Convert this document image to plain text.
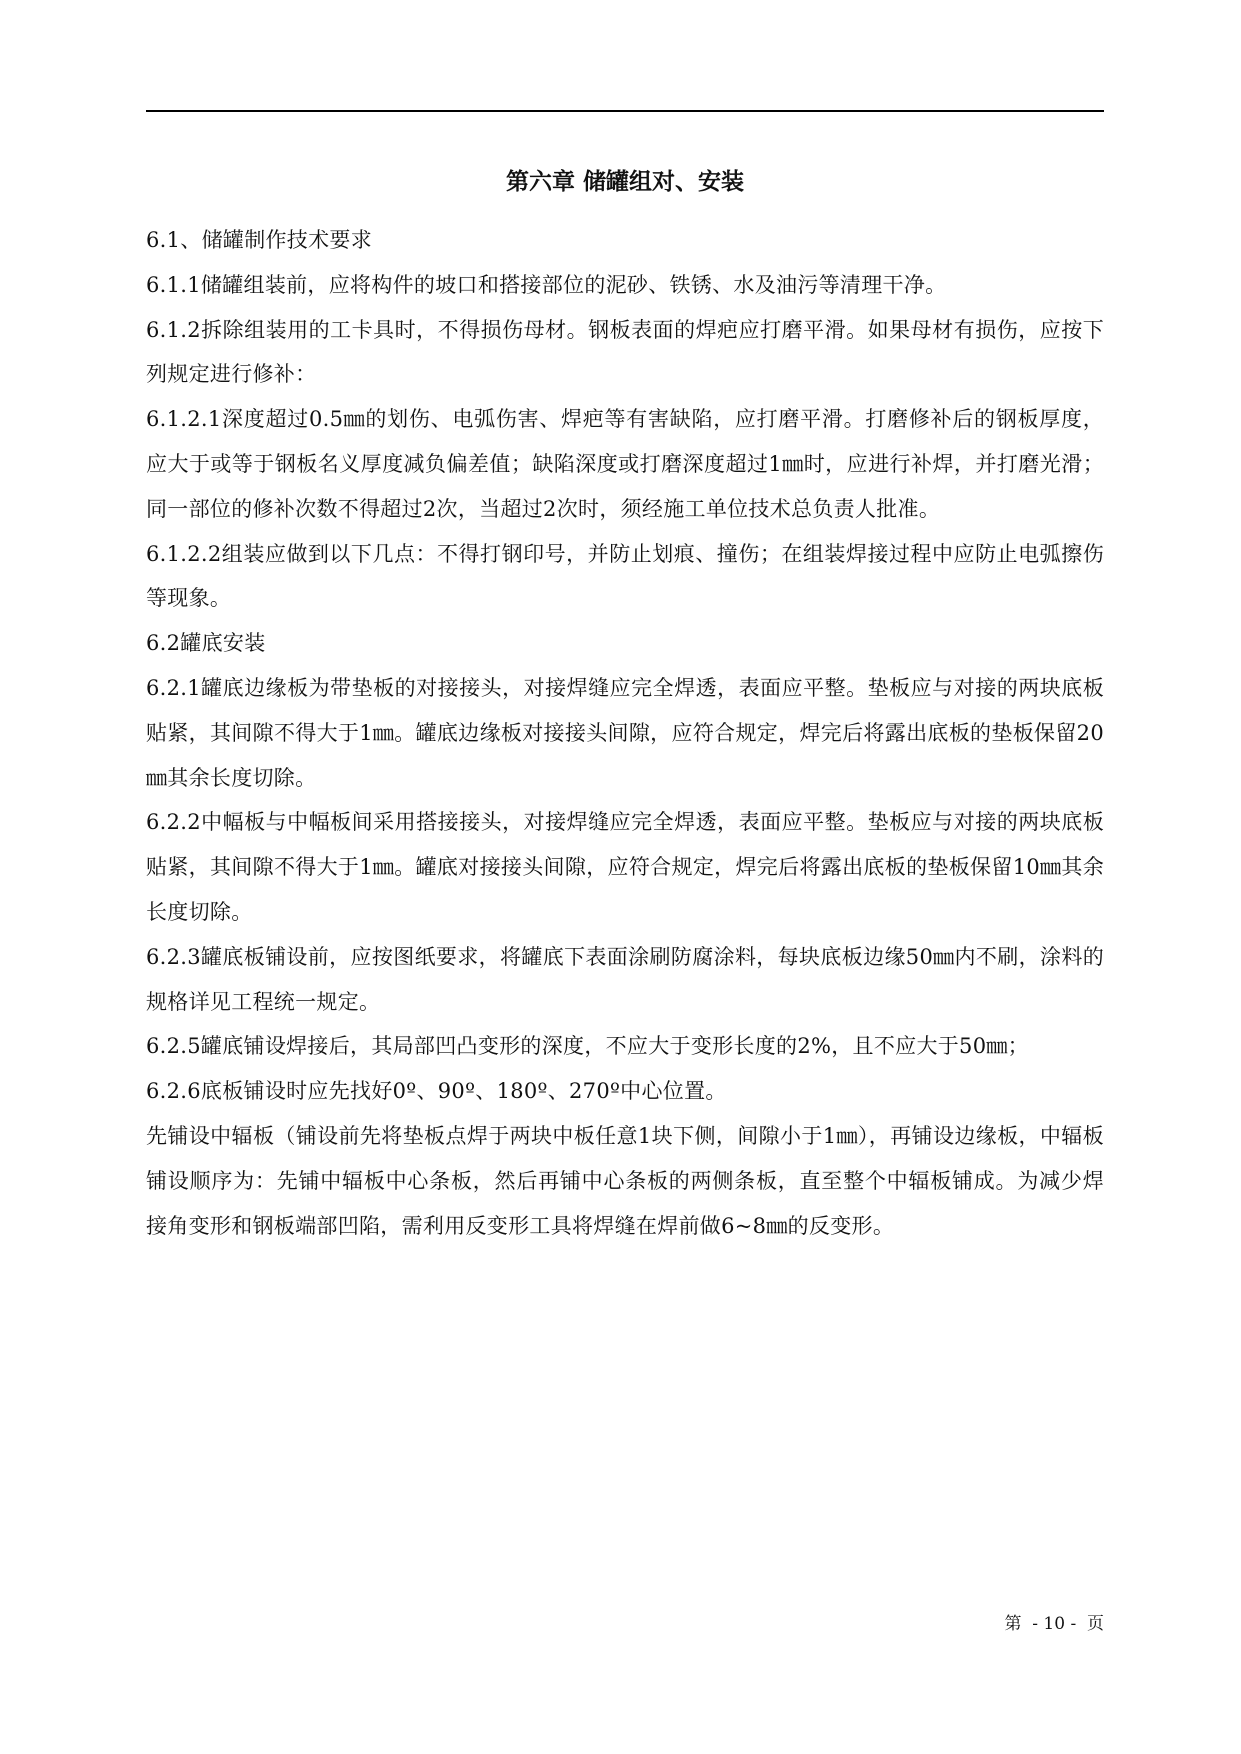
第六章 储罐组对、安装

6.1、储罐制作技术要求

6.1.1储罐组装前，应将构件的坡口和搭接部位的泥砂、铁锈、水及油污等清理干净。

6.1.2拆除组装用的工卡具时，不得损伤母材。钢板表面的焊疤应打磨平滑。如果母材有损伤，应按下列规定进行修补：

6.1.2.1深度超过0.5㎜的划伤、电弧伤害、焊疤等有害缺陷，应打磨平滑。打磨修补后的钢板厚度，应大于或等于钢板名义厚度减负偏差值；缺陷深度或打磨深度超过1㎜时，应进行补焊，并打磨光滑；同一部位的修补次数不得超过2次，当超过2次时，须经施工单位技术总负责人批准。

6.1.2.2组装应做到以下几点：不得打钢印号，并防止划痕、撞伤；在组装焊接过程中应防止电弧擦伤等现象。

6.2罐底安装

6.2.1罐底边缘板为带垫板的对接接头，对接焊缝应完全焊透，表面应平整。垫板应与对接的两块底板贴紧，其间隙不得大于1㎜。罐底边缘板对接接头间隙，应符合规定，焊完后将露出底板的垫板保留20㎜其余长度切除。

6.2.2中幅板与中幅板间采用搭接接头，对接焊缝应完全焊透，表面应平整。垫板应与对接的两块底板贴紧，其间隙不得大于1㎜。罐底对接接头间隙，应符合规定，焊完后将露出底板的垫板保留10㎜其余长度切除。

6.2.3罐底板铺设前，应按图纸要求，将罐底下表面涂刷防腐涂料，每块底板边缘50㎜内不刷，涂料的规格详见工程统一规定。

6.2.5罐底铺设焊接后，其局部凹凸变形的深度，不应大于变形长度的2%，且不应大于50㎜；

6.2.6底板铺设时应先找好0º、90º、180º、270º中心位置。

先铺设中辐板（铺设前先将垫板点焊于两块中板任意1块下侧，间隙小于1㎜），再铺设边缘板，中辐板铺设顺序为：先铺中辐板中心条板，然后再铺中心条板的两侧条板，直至整个中辐板铺成。为减少焊接角变形和钢板端部凹陷，需利用反变形工具将焊缝在焊前做6~8㎜的反变形。

第  - 10 -  页
